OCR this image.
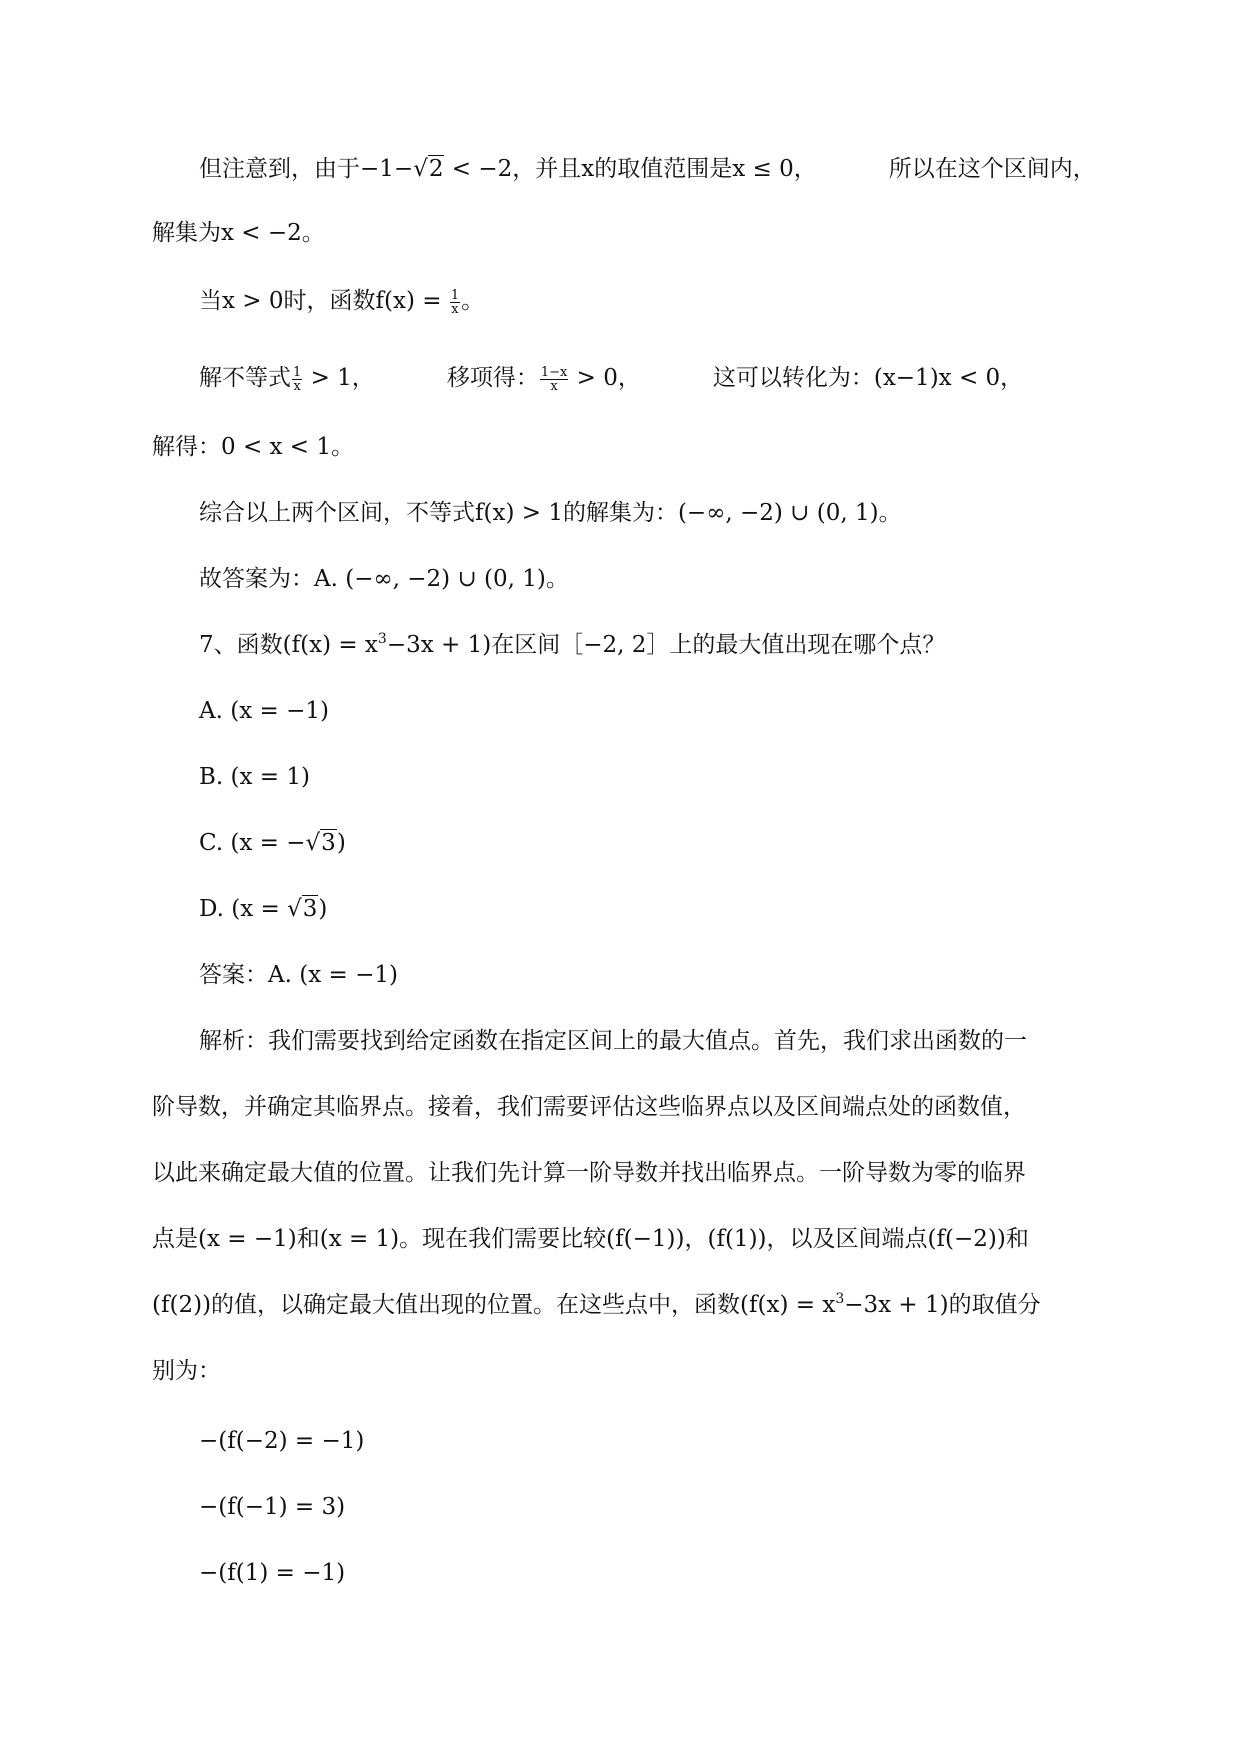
但注意到，由于−1−√2 < −2，并且x的取值范围是x ≤ 0，	所以在这个区间内，
解集为x < −2。
当x > 0时，函数$f(x) = \frac{1}{x}$ 。
解不等式 $\frac{1}{x} > 1$，	移项得： $\frac{1-x}{x} > 0$，	这可以转化为：(x−1)x < 0，
解得：0 < x < 1。
综合以上两个区间，不等式f(x) > 1的解集为：(−∞, −2) ∪ (0, 1)。
故答案为：A. (−∞, −2) ∪ (0, 1)。
7、函数$(f(x) = x^3-3x + 1)$在区间［−2, 2］上的最大值出现在哪个点？
A. (x = −1)
B. (x = 1)
C. (x = −√3)
D. (x = √3)
答案：A. (x = −1)
解析：我们需要找到给定函数在指定区间上的最大值点。首先，我们求出函数的一
阶导数，并确定其临界点。接着，我们需要评估这些临界点以及区间端点处的函数值，
以此来确定最大值的位置。让我们先计算一阶导数并找出临界点。一阶导数为零的临界
点是(x = −1)和(x = 1)。现在我们需要比较(f(−1))，(f(1))，以及区间端点(f(−2))和
(f(2))的值，以确定最大值出现的位置。在这些点中，函数$(f(x) = x^3-3x + 1)$的取值分
别为：
−(f(−2) = −1)
−(f(−1) = 3)
−(f(1) = −1)
